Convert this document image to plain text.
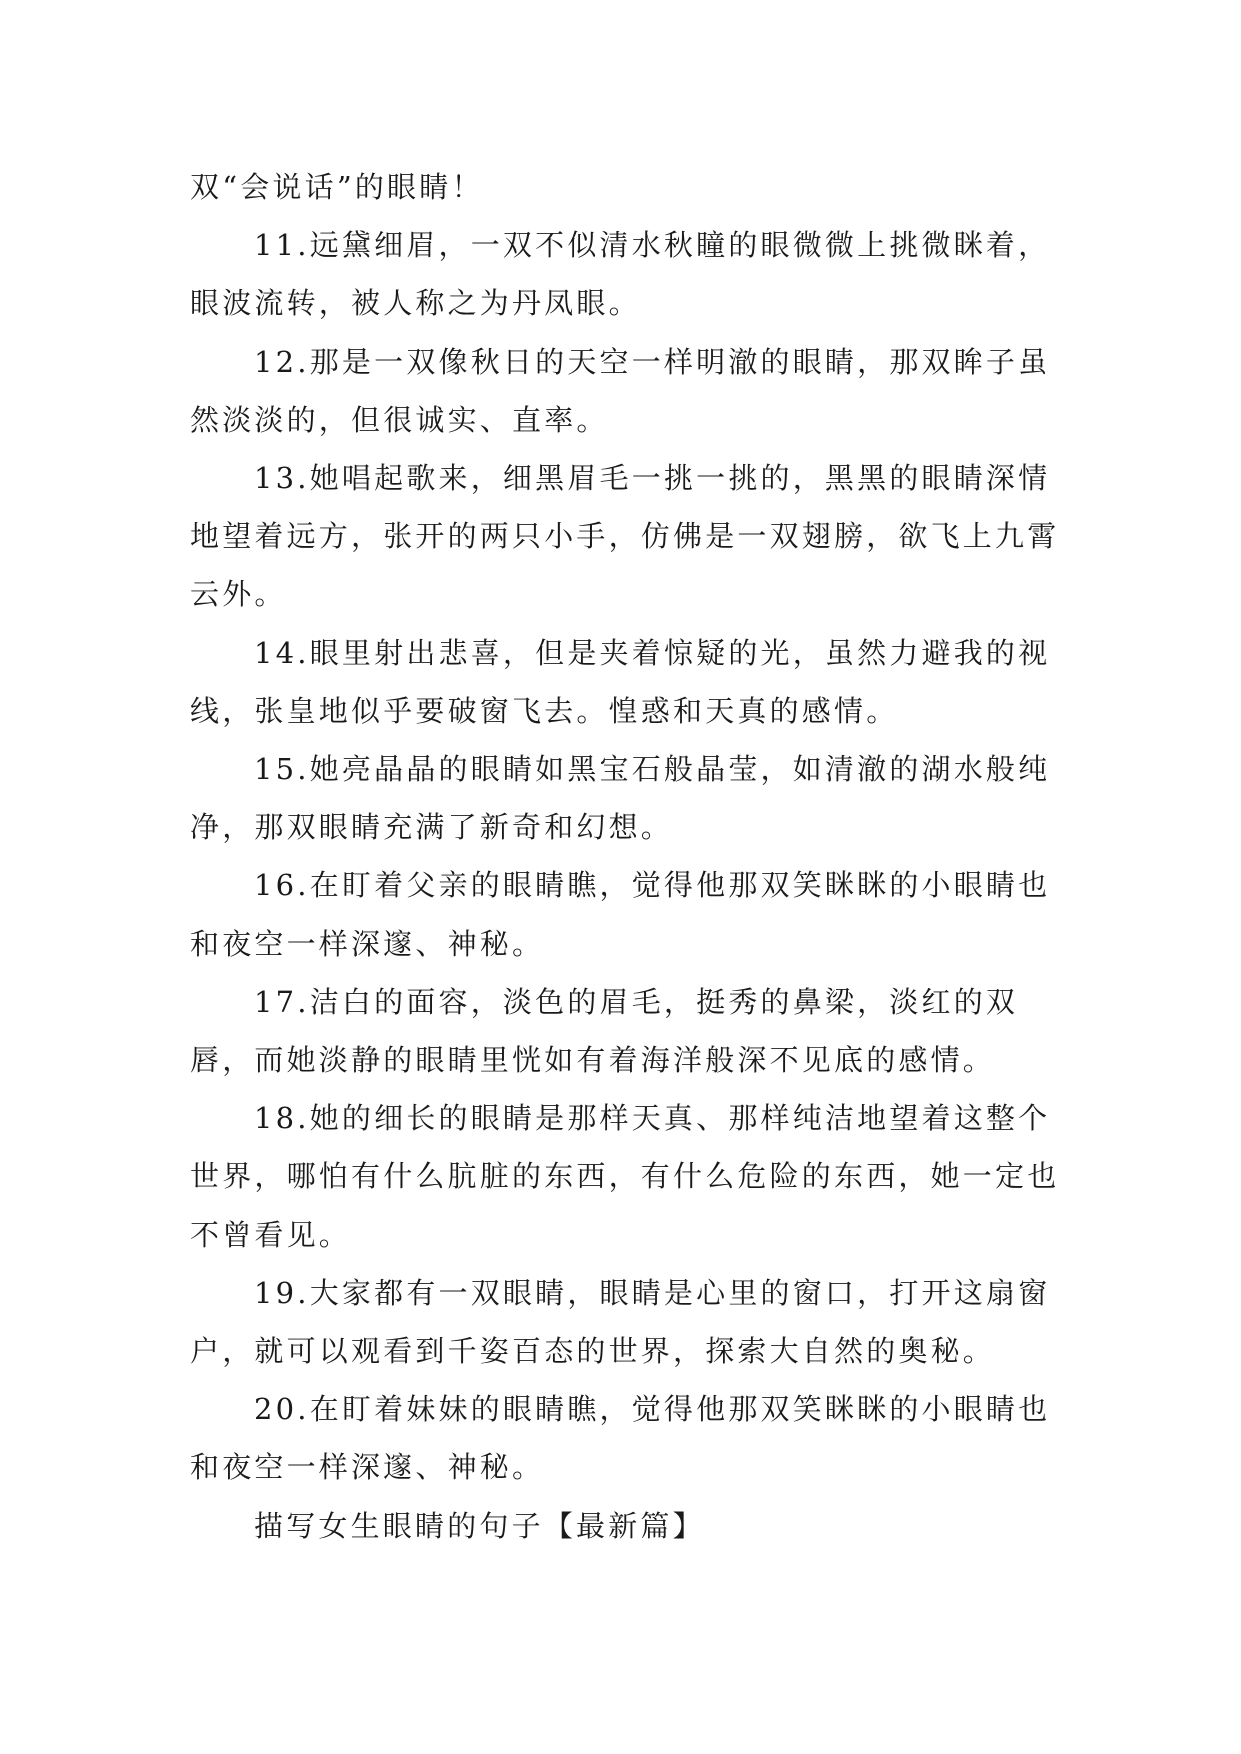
双“会说话”的眼睛！

11.远黛细眉，一双不似清水秋瞳的眼微微上挑微眯着，眼波流转，被人称之为丹凤眼。

12.那是一双像秋日的天空一样明澈的眼睛，那双眸子虽然淡淡的，但很诚实、直率。

13.她唱起歌来，细黑眉毛一挑一挑的，黑黑的眼睛深情地望着远方，张开的两只小手，仿佛是一双翅膀，欲飞上九霄云外。

14.眼里射出悲喜，但是夹着惊疑的光，虽然力避我的视线，张皇地似乎要破窗飞去。惶惑和天真的感情。

15.她亮晶晶的眼睛如黑宝石般晶莹，如清澈的湖水般纯净，那双眼睛充满了新奇和幻想。

16.在盯着父亲的眼睛瞧，觉得他那双笑眯眯的小眼睛也和夜空一样深邃、神秘。

17.洁白的面容，淡色的眉毛，挺秀的鼻梁，淡红的双唇，而她淡静的眼睛里恍如有着海洋般深不见底的感情。

18.她的细长的眼睛是那样天真、那样纯洁地望着这整个世界，哪怕有什么肮脏的东西，有什么危险的东西，她一定也不曾看见。

19.大家都有一双眼睛，眼睛是心里的窗口，打开这扇窗户，就可以观看到千姿百态的世界，探索大自然的奥秘。

20.在盯着妹妹的眼睛瞧，觉得他那双笑眯眯的小眼睛也和夜空一样深邃、神秘。

描写女生眼睛的句子【最新篇】
